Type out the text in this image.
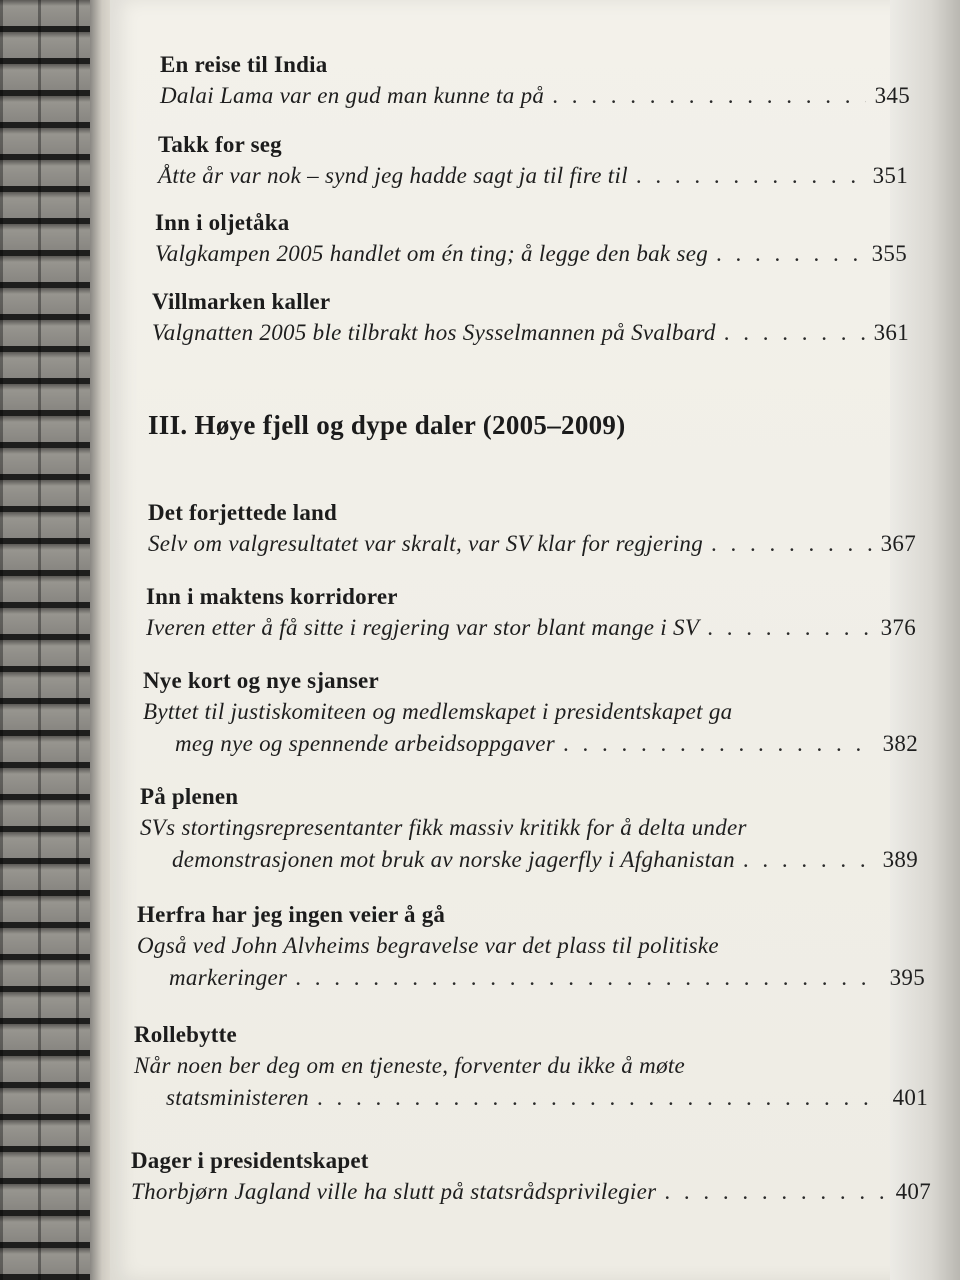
En reise til India
Dalai Lama var en gud man kunne ta på . . .	345
Takk for seg
Åtte år var nok – synd jeg hadde sagt ja til fire til . . .	351
Inn i oljetåka
Valgkampen 2005 handlet om én ting; å legge den bak seg . . .	355
Villmarken kaller
Valgnatten 2005 ble tilbrakt hos Sysselmannen på Svalbard . . .	361
III. Høye fjell og dype daler (2005–2009)
Det forjettede land
Selv om valgresultatet var skralt, var SV klar for regjering . . .	367
Inn i maktens korridorer
Iveren etter å få sitte i regjering var stor blant mange i SV . . .	376
Nye kort og nye sjanser
Byttet til justiskomiteen og medlemskapet i presidentskapet ga
meg nye og spennende arbeidsoppgaver . . .	382
På plenen
SVs stortingsrepresentanter fikk massiv kritikk for å delta under
demonstrasjonen mot bruk av norske jagerfly i Afghanistan . . .	389
Herfra har jeg ingen veier å gå
Også ved John Alvheims begravelse var det plass til politiske
markeringer . . .	395
Rollebytte
Når noen ber deg om en tjeneste, forventer du ikke å møte
statsministeren . . .	401
Dager i presidentskapet
Thorbjørn Jagland ville ha slutt på statsrådsprivilegier . . .	407
